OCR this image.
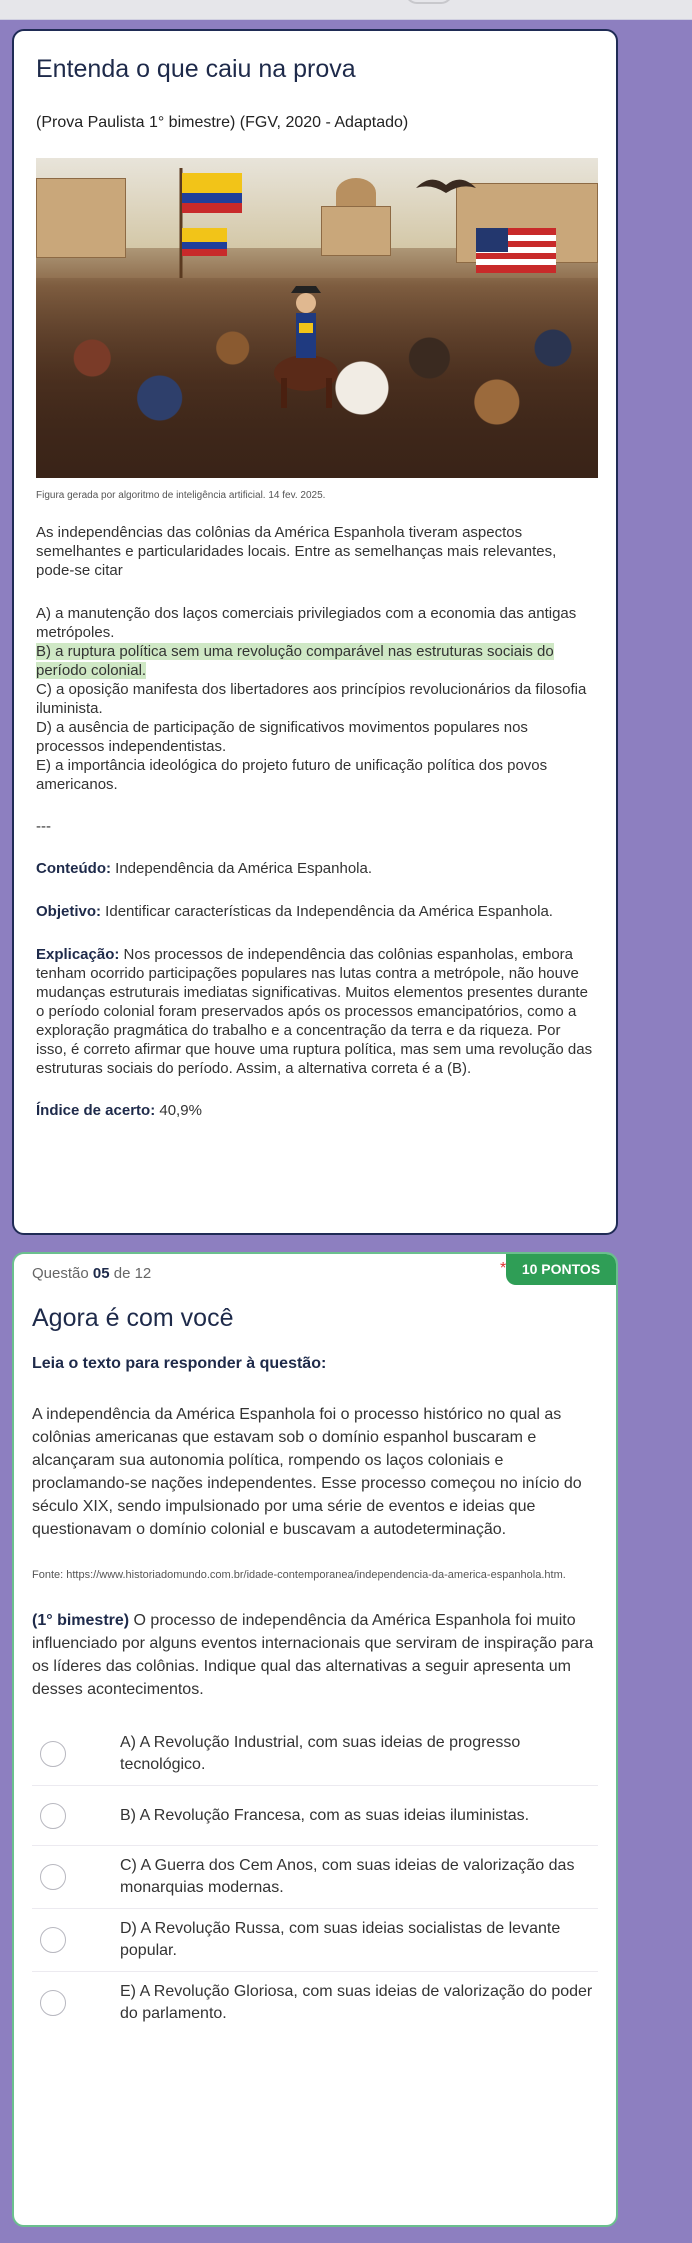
Entenda o que caiu na prova
(Prova Paulista 1° bimestre) (FGV, 2020 - Adaptado)
Figura gerada por algoritmo de inteligência artificial. 14 fev. 2025.
As independências das colônias da América Espanhola tiveram aspectos semelhantes e particularidades locais. Entre as semelhanças mais relevantes, pode-se citar
A) a manutenção dos laços comerciais privilegiados com a economia das antigas metrópoles.
B) a ruptura política sem uma revolução comparável nas estruturas sociais do período colonial.
C) a oposição manifesta dos libertadores aos princípios revolucionários da filosofia iluminista.
D) a ausência de participação de significativos movimentos populares nos processos independentistas.
E) a importância ideológica do projeto futuro de unificação política dos povos americanos.
---
Conteúdo: Independência da América Espanhola.
Objetivo: Identificar características da Independência da América Espanhola.
Explicação: Nos processos de independência das colônias espanholas, embora tenham ocorrido participações populares nas lutas contra a metrópole, não houve mudanças estruturais imediatas significativas. Muitos elementos presentes durante o período colonial foram preservados após os processos emancipatórios, como a exploração pragmática do trabalho e a concentração da terra e da riqueza. Por isso, é correto afirmar que houve uma ruptura política, mas sem uma revolução das estruturas sociais do período. Assim, a alternativa correta é a (B).
Índice de acerto: 40,9%
Questão 05 de 12	*	10 PONTOS
Agora é com você
Leia o texto para responder à questão:
A independência da América Espanhola foi o processo histórico no qual as colônias americanas que estavam sob o domínio espanhol buscaram e alcançaram sua autonomia política, rompendo os laços coloniais e proclamando-se nações independentes. Esse processo começou no início do século XIX, sendo impulsionado por uma série de eventos e ideias que questionavam o domínio colonial e buscavam a autodeterminação.
Fonte: https://www.historiadomundo.com.br/idade-contemporanea/independencia-da-america-espanhola.htm.
(1° bimestre) O processo de independência da América Espanhola foi muito influenciado por alguns eventos internacionais que serviram de inspiração para os líderes das colônias. Indique qual das alternativas a seguir apresenta um desses acontecimentos.
A) A Revolução Industrial, com suas ideias de progresso tecnológico.
B) A Revolução Francesa, com as suas ideias iluministas.
C) A Guerra dos Cem Anos, com suas ideias de valorização das monarquias modernas.
D) A Revolução Russa, com suas ideias socialistas de levante popular.
E) A Revolução Gloriosa, com suas ideias de valorização do poder do parlamento.
